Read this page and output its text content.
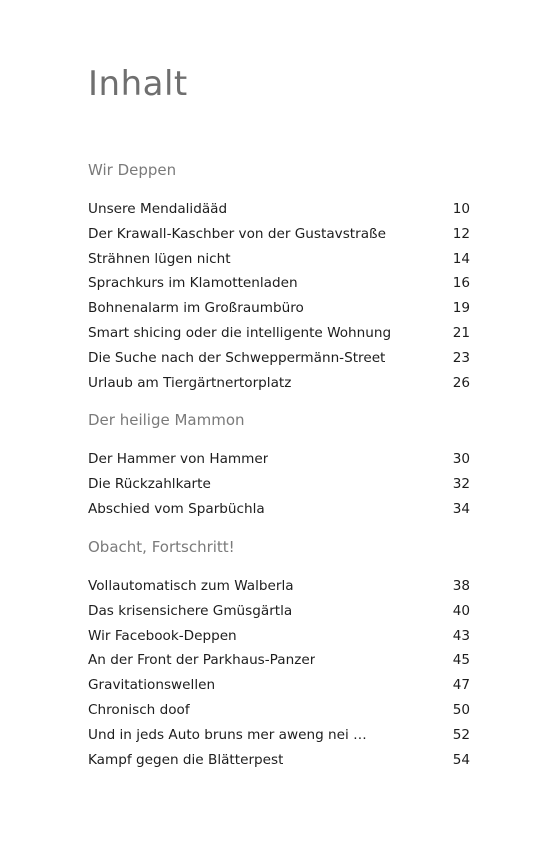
Inhalt
Wir Deppen
Unsere Mendalidääd	10
Der Krawall-Kaschber von der Gustavstraße	12
Strähnen lügen nicht	14
Sprachkurs im Klamottenladen	16
Bohnenalarm im Großraumbüro	19
Smart shicing oder die intelligente Wohnung	21
Die Suche nach der Schweppermänn-Street	23
Urlaub am Tiergärtnertorplatz	26
Der heilige Mammon
Der Hammer von Hammer	30
Die Rückzahlkarte	32
Abschied vom Sparbüchla	34
Obacht, Fortschritt!
Vollautomatisch zum Walberla	38
Das krisensichere Gmüsgärtla	40
Wir Facebook-Deppen	43
An der Front der Parkhaus-Panzer	45
Gravitationswellen	47
Chronisch doof	50
Und in jeds Auto bruns mer aweng nei …	52
Kampf gegen die Blätterpest	54
